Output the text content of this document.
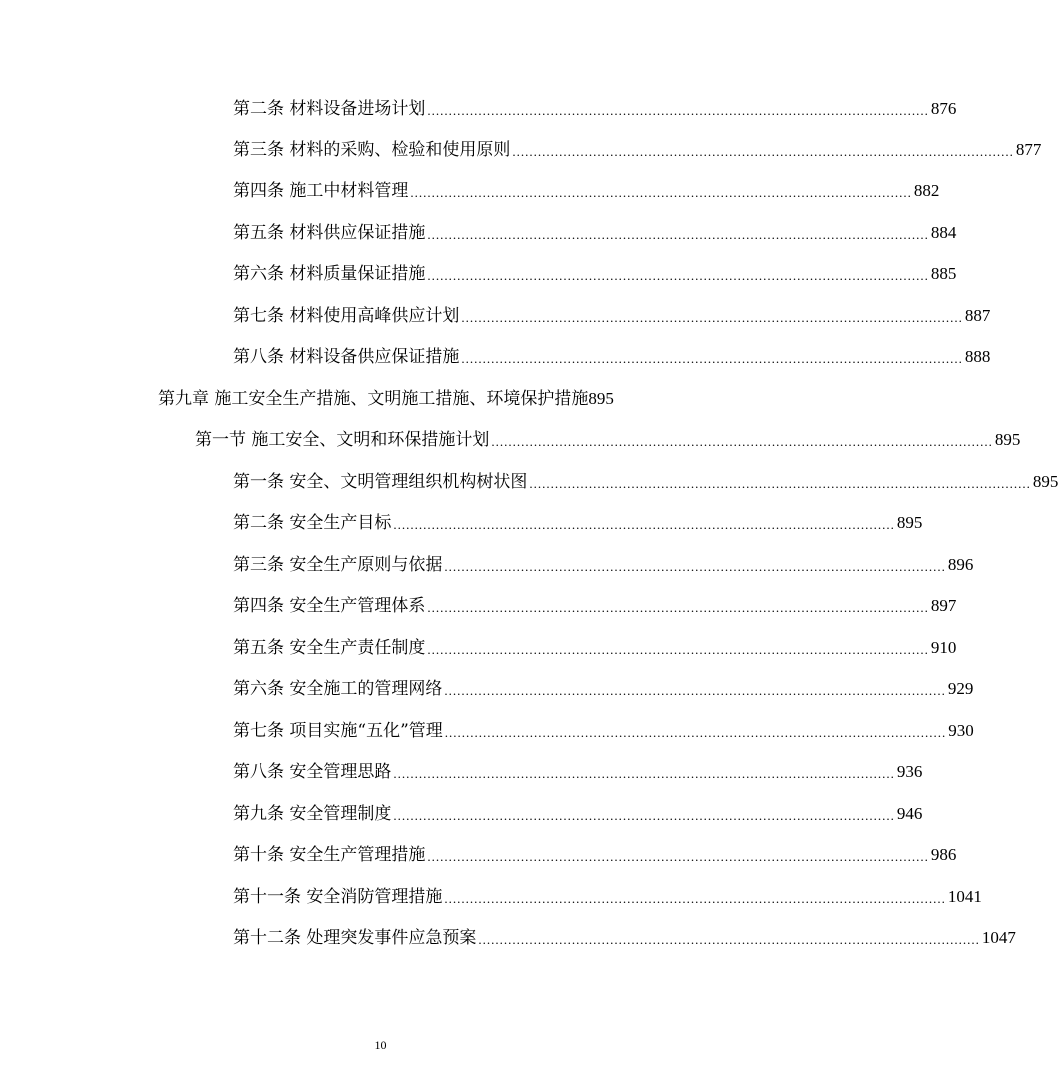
第二条 材料设备进场计划 ...................................................................................................................... 876
第三条 材料的采购、检验和使用原则 ...................................................................................................................... 877
第四条 施工中材料管理 ...................................................................................................................... 882
第五条 材料供应保证措施 ...................................................................................................................... 884
第六条 材料质量保证措施 ...................................................................................................................... 885
第七条 材料使用高峰供应计划 ...................................................................................................................... 887
第八条 材料设备供应保证措施 ...................................................................................................................... 888
第九章 施工安全生产措施、文明施工措施、环境保护措施 895
第一节 施工安全、文明和环保措施计划 ...................................................................................................................... 895
第一条 安全、文明管理组织机构树状图 ...................................................................................................................... 895
第二条 安全生产目标 ...................................................................................................................... 895
第三条 安全生产原则与依据 ...................................................................................................................... 896
第四条 安全生产管理体系 ...................................................................................................................... 897
第五条 安全生产责任制度 ...................................................................................................................... 910
第六条 安全施工的管理网络 ...................................................................................................................... 929
第七条 项目实施“五化”管理 ...................................................................................................................... 930
第八条 安全管理思路 ...................................................................................................................... 936
第九条 安全管理制度 ...................................................................................................................... 946
第十条 安全生产管理措施 ...................................................................................................................... 986
第十一条 安全消防管理措施 ...................................................................................................................... 1041
第十二条 处理突发事件应急预案 ...................................................................................................................... 1047
10
